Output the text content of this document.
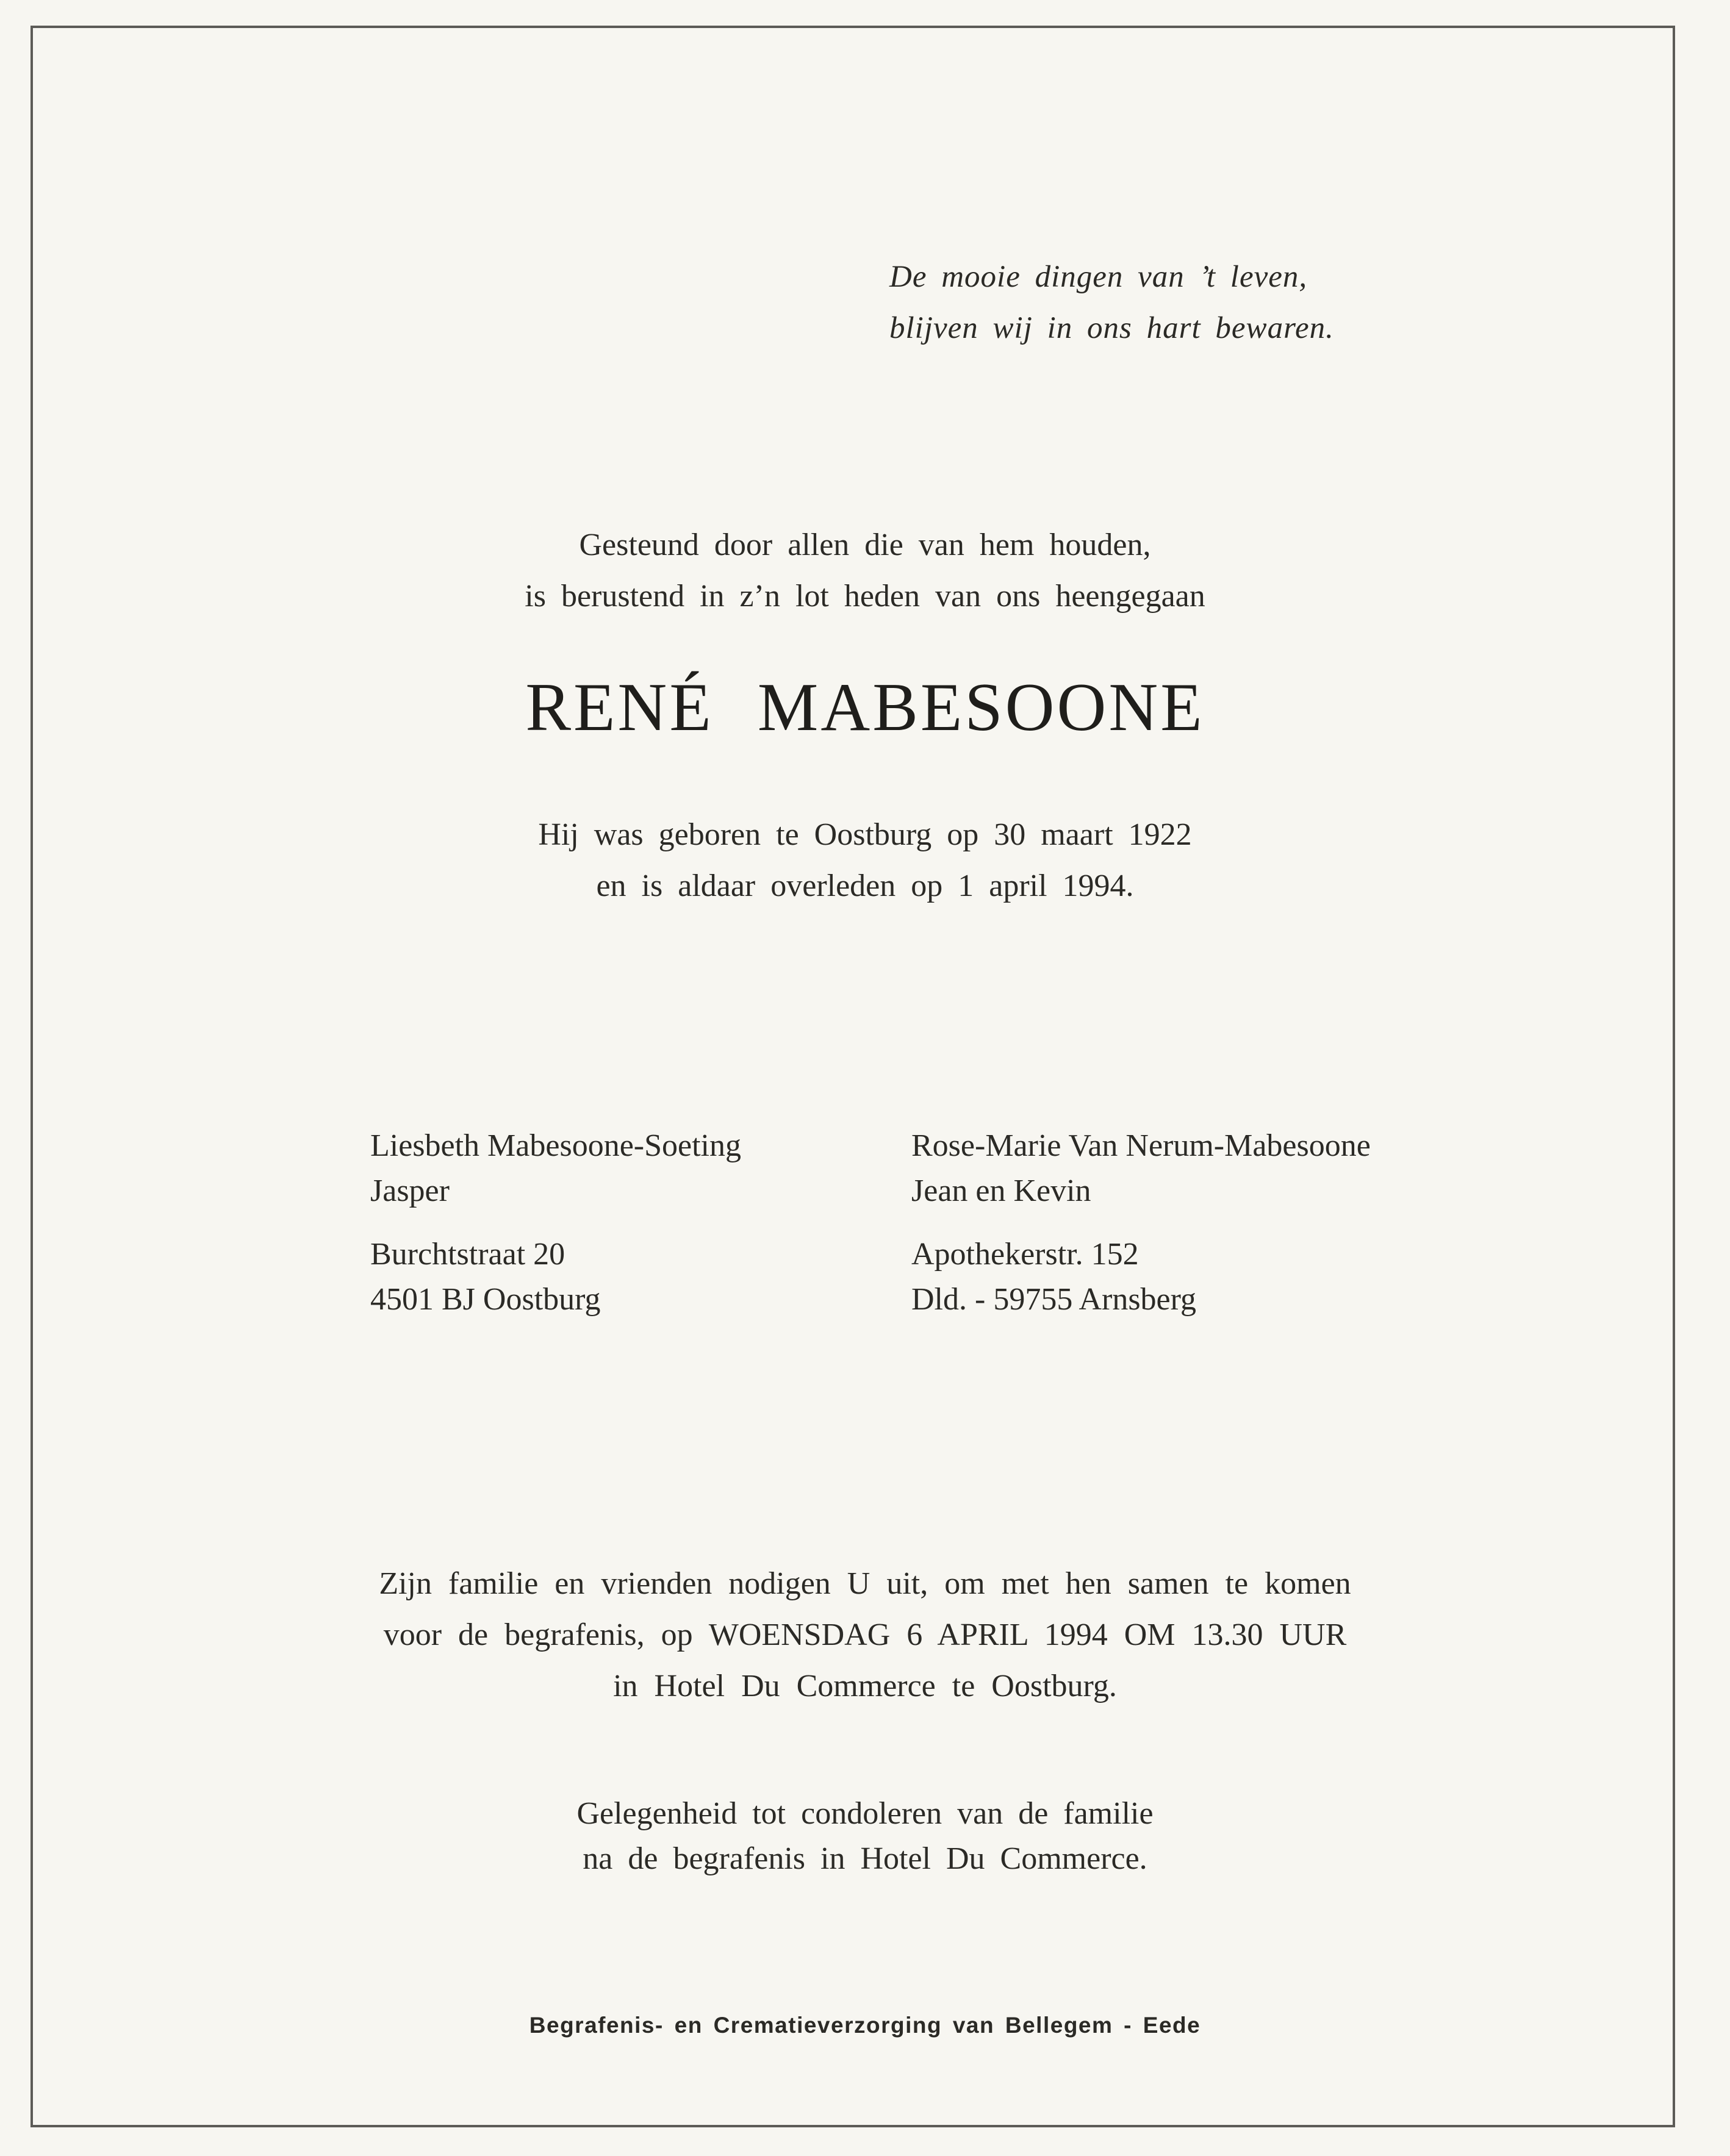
De mooie dingen van ’t leven,
blijven wij in ons hart bewaren.
Gesteund door allen die van hem houden,
is berustend in z’n lot heden van ons heengegaan
RENÉ MABESOONE
Hij was geboren te Oostburg op 30 maart 1922
en is aldaar overleden op 1 april 1994.
Liesbeth Mabesoone-Soeting
Jasper
Burchtstraat 20
4501 BJ Oostburg
Rose-Marie Van Nerum-Mabesoone
Jean en Kevin
Apothekerstr. 152
Dld. - 59755 Arnsberg
Zijn familie en vrienden nodigen U uit, om met hen samen te komen
voor de begrafenis, op WOENSDAG 6 APRIL 1994 OM 13.30 UUR
in Hotel Du Commerce te Oostburg.
Gelegenheid tot condoleren van de familie
na de begrafenis in Hotel Du Commerce.
Begrafenis- en Crematieverzorging van Bellegem - Eede
